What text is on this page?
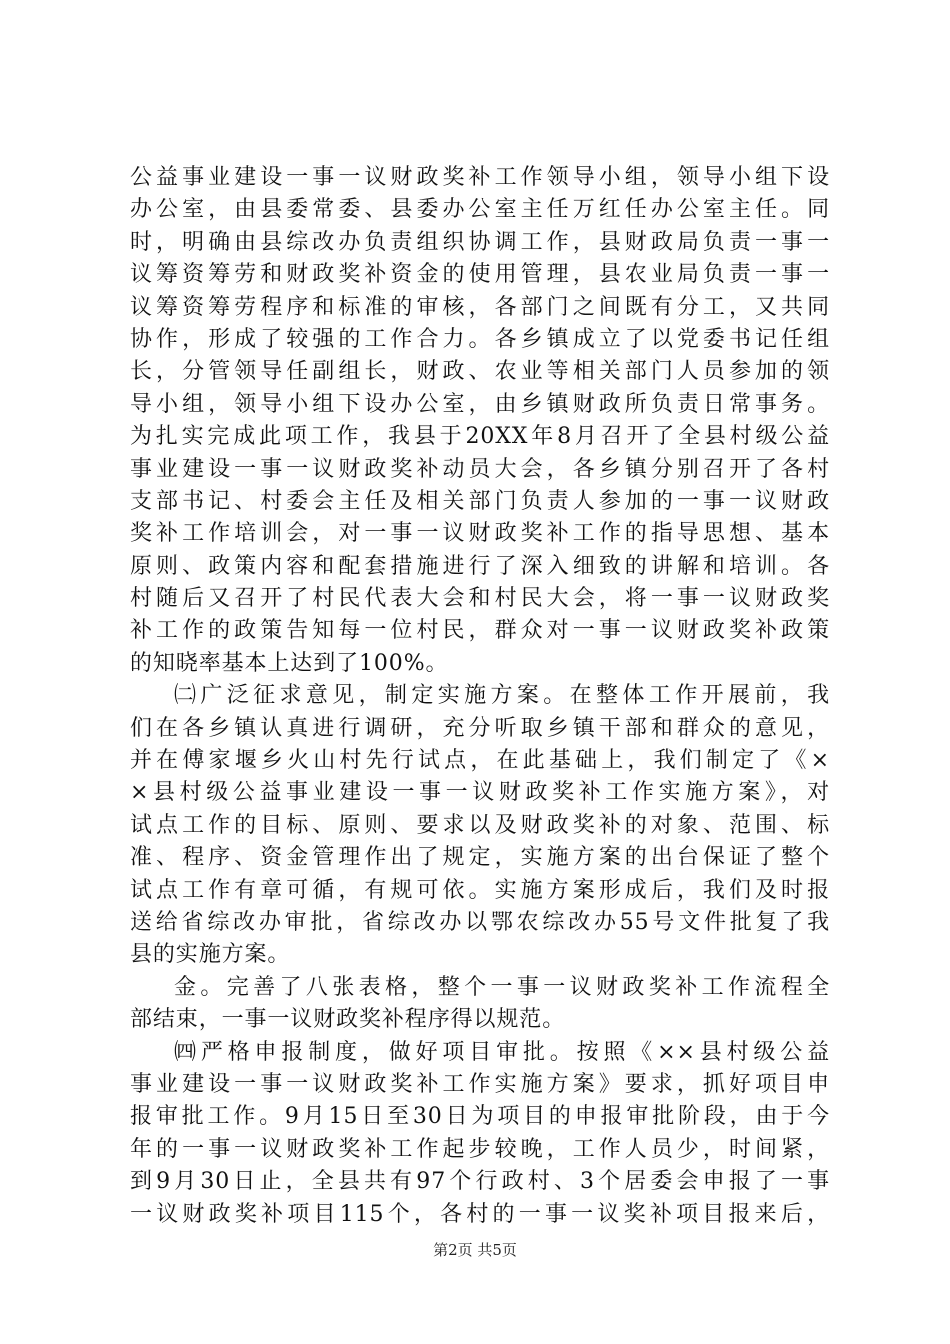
公益事业建设一事一议财政奖补工作领导小组，领导小组下设
办公室，由县委常委、县委办公室主任万红任办公室主任。同
时，明确由县综改办负责组织协调工作，县财政局负责一事一
议筹资筹劳和财政奖补资金的使用管理，县农业局负责一事一
议筹资筹劳程序和标准的审核，各部门之间既有分工，又共同
协作，形成了较强的工作合力。各乡镇成立了以党委书记任组
长，分管领导任副组长，财政、农业等相关部门人员参加的领
导小组，领导小组下设办公室，由乡镇财政所负责日常事务。
为扎实完成此项工作，我县于20XX年8月召开了全县村级公益
事业建设一事一议财政奖补动员大会，各乡镇分别召开了各村
支部书记、村委会主任及相关部门负责人参加的一事一议财政
奖补工作培训会，对一事一议财政奖补工作的指导思想、基本
原则、政策内容和配套措施进行了深入细致的讲解和培训。各
村随后又召开了村民代表大会和村民大会，将一事一议财政奖
补工作的政策告知每一位村民，群众对一事一议财政奖补政策
的知晓率基本上达到了100%。
㈡广泛征求意见，制定实施方案。在整体工作开展前，我
们在各乡镇认真进行调研，充分听取乡镇干部和群众的意见，
并在傅家堰乡火山村先行试点，在此基础上，我们制定了《×
×县村级公益事业建设一事一议财政奖补工作实施方案》，对
试点工作的目标、原则、要求以及财政奖补的对象、范围、标
准、程序、资金管理作出了规定，实施方案的出台保证了整个
试点工作有章可循，有规可依。实施方案形成后，我们及时报
送给省综改办审批，省综改办以鄂农综改办55号文件批复了我
县的实施方案。
金。完善了八张表格，整个一事一议财政奖补工作流程全
部结束，一事一议财政奖补程序得以规范。
㈣严格申报制度，做好项目审批。按照《××县村级公益
事业建设一事一议财政奖补工作实施方案》要求，抓好项目申
报审批工作。9月15日至30日为项目的申报审批阶段，由于今
年的一事一议财政奖补工作起步较晚，工作人员少，时间紧，
到9月30日止，全县共有97个行政村、3个居委会申报了一事
一议财政奖补项目115个，各村的一事一议奖补项目报来后，
第2页 共5页
